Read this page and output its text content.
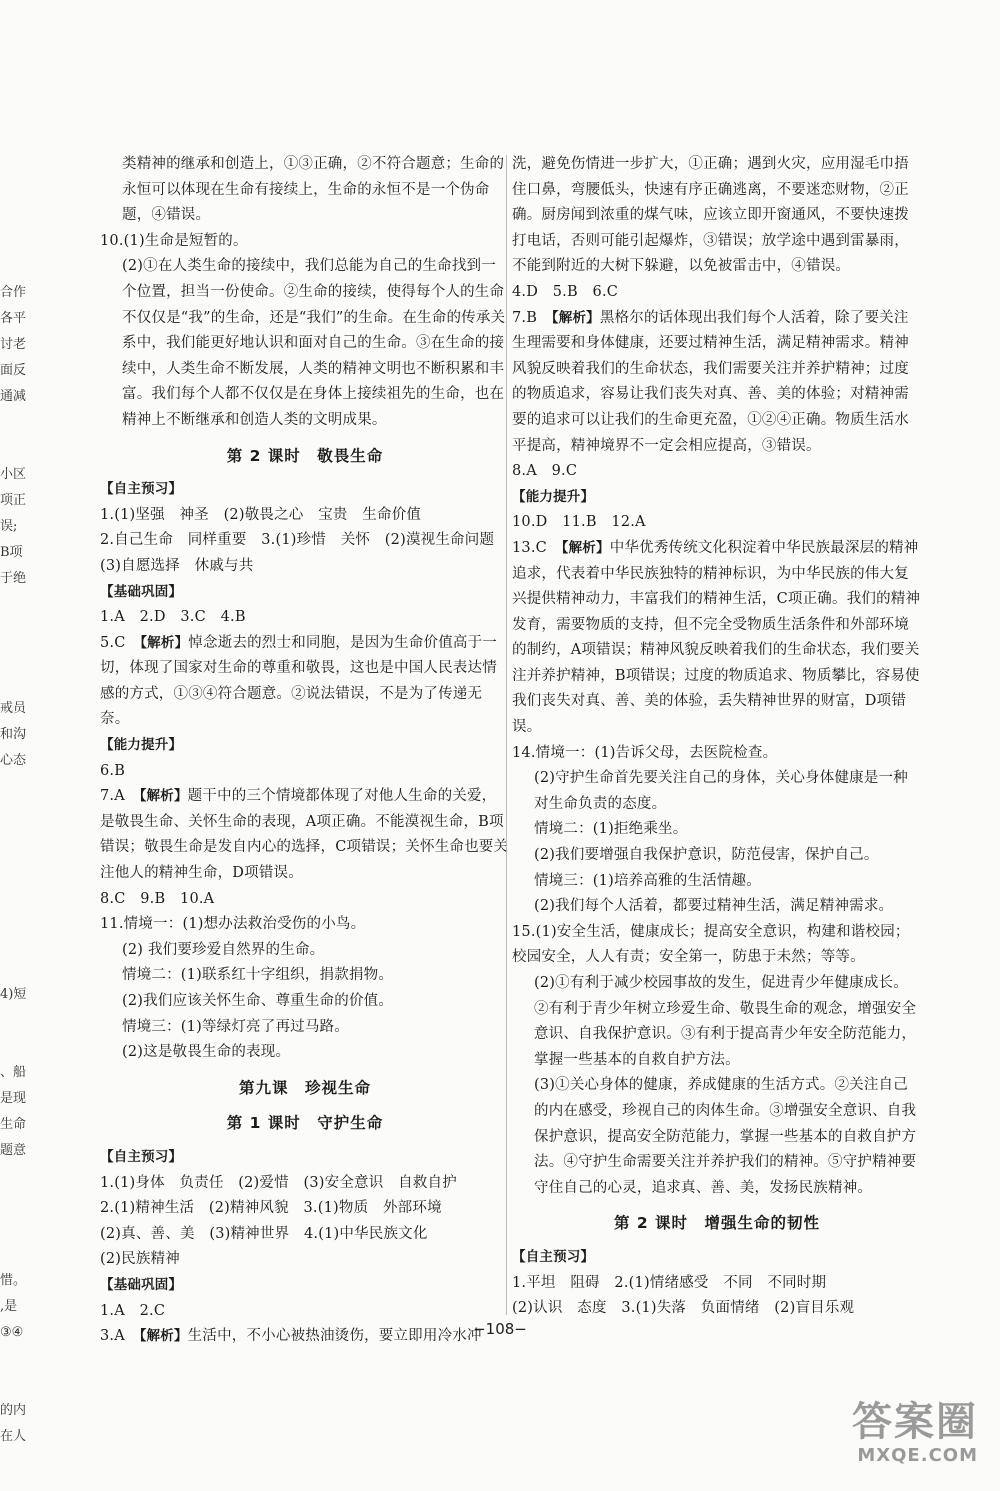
合作
各平
讨老
面反
通减
小区
项正
误;
B项
于绝
戒员
和沟
心态
4)短
、船
是现
生命
题意
惜。
,是
③④
的内
在人

类精神的继承和创造上，①③正确，②不符合题意；生命的永恒可以体现在生命有接续上，生命的永恒不是一个伪命题，④错误。

10.(1)生命是短暂的。

(2)①在人类生命的接续中，我们总能为自己的生命找到一个位置，担当一份使命。②生命的接续，使得每个人的生命不仅仅是“我”的生命，还是“我们”的生命。在生命的传承关系中，我们能更好地认识和面对自己的生命。③在生命的接续中，人类生命不断发展，人类的精神文明也不断积累和丰富。我们每个人都不仅仅是在身体上接续祖先的生命，也在精神上不断继承和创造人类的文明成果。

第 2 课时　敬畏生命
【自主预习】

1.(1)坚强　神圣　(2)敬畏之心　宝贵　生命价值

2.自己生命　同样重要　3.(1)珍惜　关怀　(2)漠视生命问题　(3)自愿选择　休戚与共

【基础巩固】

1.A　2.D　3.C　4.B

5.C　【解析】悼念逝去的烈士和同胞，是因为生命价值高于一切，体现了国家对生命的尊重和敬畏，这也是中国人民表达情感的方式，①③④符合题意。②说法错误，不是为了传递无奈。

【能力提升】

6.B

7.A　【解析】题干中的三个情境都体现了对他人生命的关爱，是敬畏生命、关怀生命的表现，A项正确。不能漠视生命，B项错误；敬畏生命是发自内心的选择，C项错误；关怀生命也要关注他人的精神生命，D项错误。

8.C　9.B　10.A

11.情境一：(1)想办法救治受伤的小鸟。

(2) 我们要珍爱自然界的生命。

情境二：(1)联系红十字组织，捐款捐物。

(2)我们应该关怀生命、尊重生命的价值。

情境三：(1)等绿灯亮了再过马路。

(2)这是敬畏生命的表现。

第九课　珍视生命
第 1 课时　守护生命
【自主预习】

1.(1)身体　负责任　(2)爱惜　(3)安全意识　自救自护

2.(1)精神生活　(2)精神风貌　3.(1)物质　外部环境

(2)真、善、美　(3)精神世界　4.(1)中华民族文化

(2)民族精神

【基础巩固】

1.A　2.C

3.A　【解析】生活中，不小心被热油烫伤，要立即用冷水冲

洗，避免伤情进一步扩大，①正确；遇到火灾，应用湿毛巾捂住口鼻，弯腰低头，快速有序正确逃离，不要迷恋财物，②正确。厨房闻到浓重的煤气味，应该立即开窗通风，不要快速拨打电话，否则可能引起爆炸，③错误；放学途中遇到雷暴雨，不能到附近的大树下躲避，以免被雷击中，④错误。

4.D　5.B　6.C

7.B　【解析】黑格尔的话体现出我们每个人活着，除了要关注生理需要和身体健康，还要过精神生活，满足精神需求。精神风貌反映着我们的生命状态，我们需要关注并养护精神；过度的物质追求，容易让我们丧失对真、善、美的体验；对精神需要的追求可以让我们的生命更充盈，①②④正确。物质生活水平提高，精神境界不一定会相应提高，③错误。

8.A　9.C

【能力提升】

10.D　11.B　12.A

13.C　【解析】中华优秀传统文化积淀着中华民族最深层的精神追求，代表着中华民族独特的精神标识，为中华民族的伟大复兴提供精神动力，丰富我们的精神生活，C项正确。我们的精神发育，需要物质的支持，但不完全受物质生活条件和外部环境的制约，A项错误；精神风貌反映着我们的生命状态，我们要关注并养护精神，B项错误；过度的物质追求、物质攀比，容易使我们丧失对真、善、美的体验，丢失精神世界的财富，D项错误。

14.情境一：(1)告诉父母，去医院检查。

(2)守护生命首先要关注自己的身体，关心身体健康是一种对生命负责的态度。

情境二：(1)拒绝乘坐。

(2)我们要增强自我保护意识，防范侵害，保护自己。

情境三：(1)培养高雅的生活情趣。

(2)我们每个人活着，都要过精神生活，满足精神需求。

15.(1)安全生活，健康成长；提高安全意识，构建和谐校园；校园安全，人人有责；安全第一，防患于未然；等等。

(2)①有利于减少校园事故的发生，促进青少年健康成长。②有利于青少年树立珍爱生命、敬畏生命的观念，增强安全意识、自我保护意识。③有利于提高青少年安全防范能力，掌握一些基本的自救自护方法。

(3)①关心身体的健康，养成健康的生活方式。②关注自己的内在感受，珍视自己的肉体生命。③增强安全意识、自我保护意识，提高安全防范能力，掌握一些基本的自救自护方法。④守护生命需要关注并养护我们的精神。⑤守护精神要守住自己的心灵，追求真、善、美，发扬民族精神。

第 2 课时　增强生命的韧性
【自主预习】

1.平坦　阻碍　2.(1)情绪感受　不同　不同时期

(2)认识　态度　3.(1)失落　负面情绪　(2)盲目乐观

−108−
答案圈
MXQE.COM
